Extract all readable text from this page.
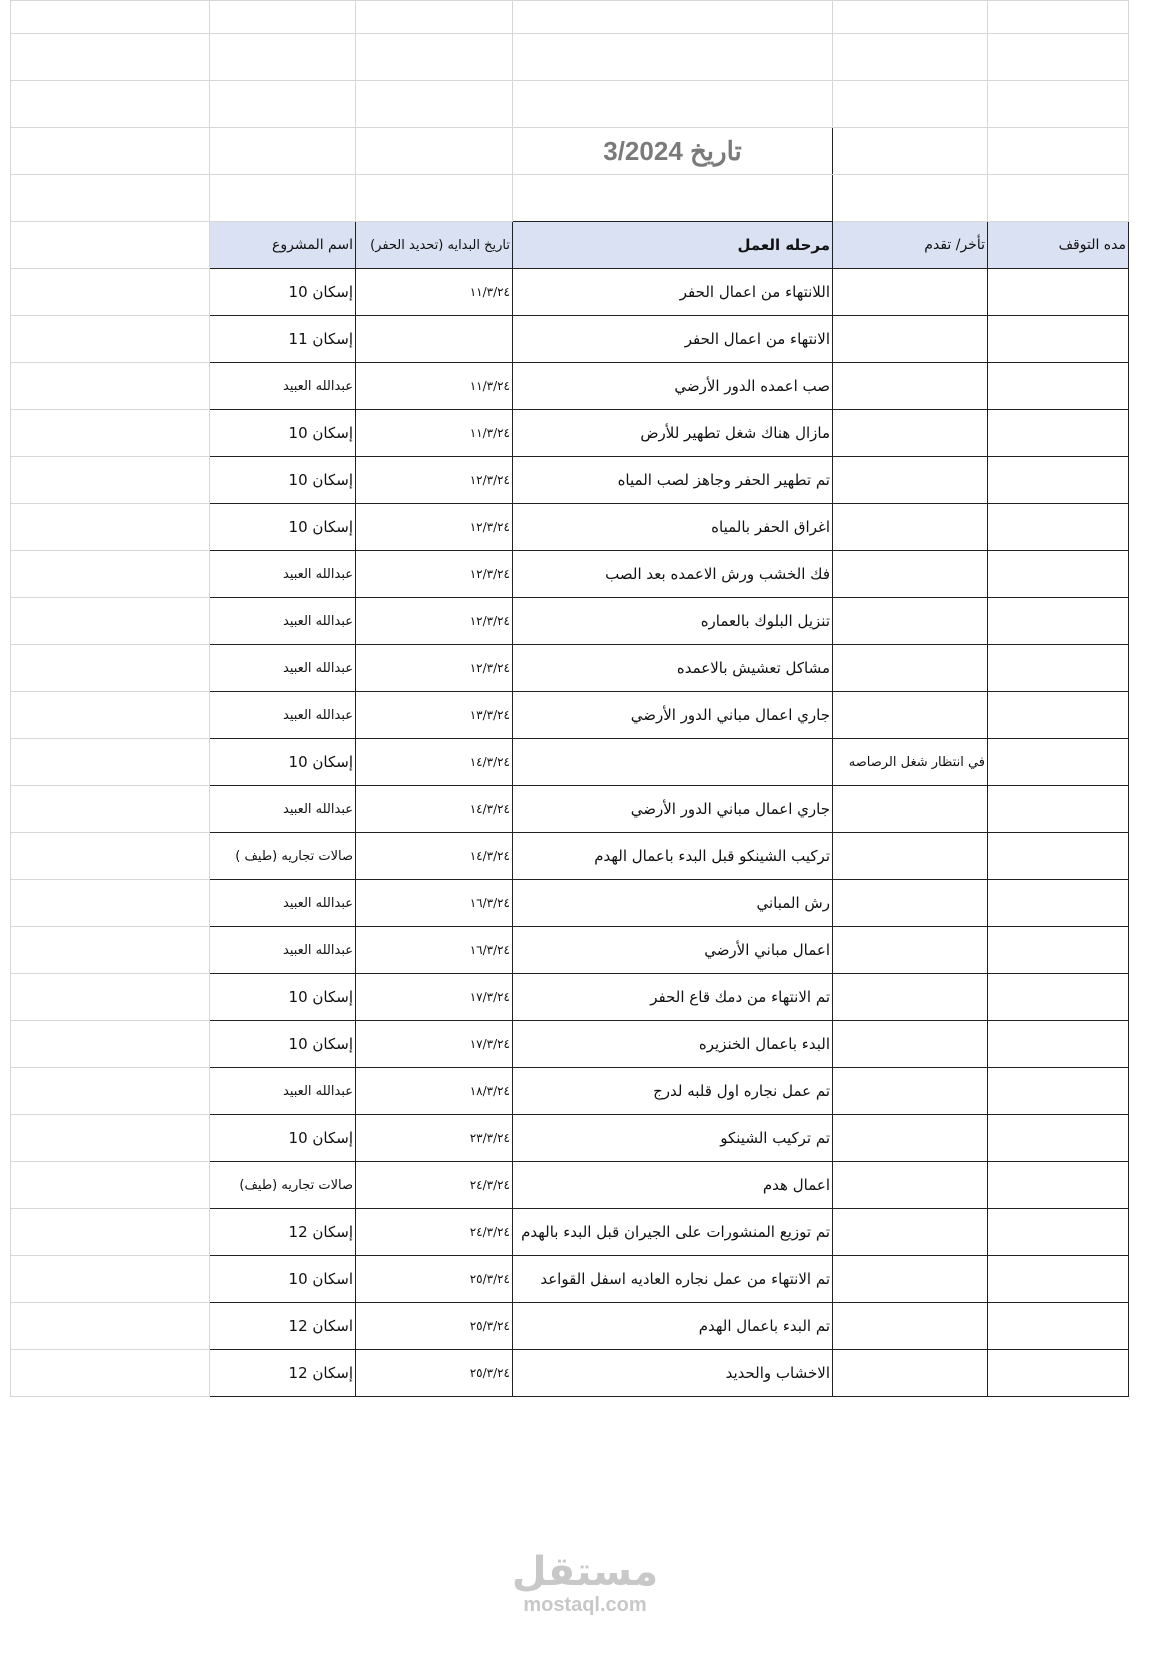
			تاريخ 3/2024		

	اسم المشروع	تاريخ البدايه (تحديد الحفر)	مرحله العمل	تأخر/ تقدم	مده التوقف
	إسكان 10	١١/٣/٢٤	اللانتهاء من اعمال الحفر		
	إسكان 11		الانتهاء من اعمال الحفر		
	عبدالله العبيد	١١/٣/٢٤	صب اعمده الدور الأرضي		
	إسكان 10	١١/٣/٢٤	مازال هناك شغل تطهير للأرض		
	إسكان 10	١٢/٣/٢٤	تم تطهير الحفر وجاهز لصب المياه		
	إسكان 10	١٢/٣/٢٤	اغراق الحفر بالمياه		
	عبدالله العبيد	١٢/٣/٢٤	فك الخشب ورش الاعمده بعد الصب		
	عبدالله العبيد	١٢/٣/٢٤	تنزيل البلوك بالعماره		
	عبدالله العبيد	١٢/٣/٢٤	مشاكل تعشيش بالاعمده		
	عبدالله العبيد	١٣/٣/٢٤	جاري اعمال مباني الدور الأرضي		
	إسكان 10	١٤/٣/٢٤		في انتظار شغل الرصاصه	
	عبدالله العبيد	١٤/٣/٢٤	جاري اعمال مباني الدور الأرضي		
	صالات تجاريه (طيف )	١٤/٣/٢٤	تركيب الشينكو قبل البدء باعمال الهدم		
	عبدالله العبيد	١٦/٣/٢٤	رش المباني		
	عبدالله العبيد	١٦/٣/٢٤	اعمال مباني الأرضي		
	إسكان 10	١٧/٣/٢٤	تم الانتهاء من دمك قاع الحفر		
	إسكان 10	١٧/٣/٢٤	البدء باعمال الخنزيره		
	عبدالله العبيد	١٨/٣/٢٤	تم عمل نجاره اول قلبه لدرج		
	إسكان 10	٢٣/٣/٢٤	تم تركيب الشينكو		
	صالات تجاريه (طيف)	٢٤/٣/٢٤	اعمال هدم		
	إسكان 12	٢٤/٣/٢٤	تم توزيع المنشورات على الجيران قبل البدء بالهدم		
	اسكان 10	٢٥/٣/٢٤	تم الانتهاء من عمل نجاره العاديه اسفل القواعد		
	اسكان 12	٢٥/٣/٢٤	تم البدء باعمال الهدم		
	إسكان 12	٢٥/٣/٢٤	الاخشاب والحديد		
مستقل
mostaql.com
